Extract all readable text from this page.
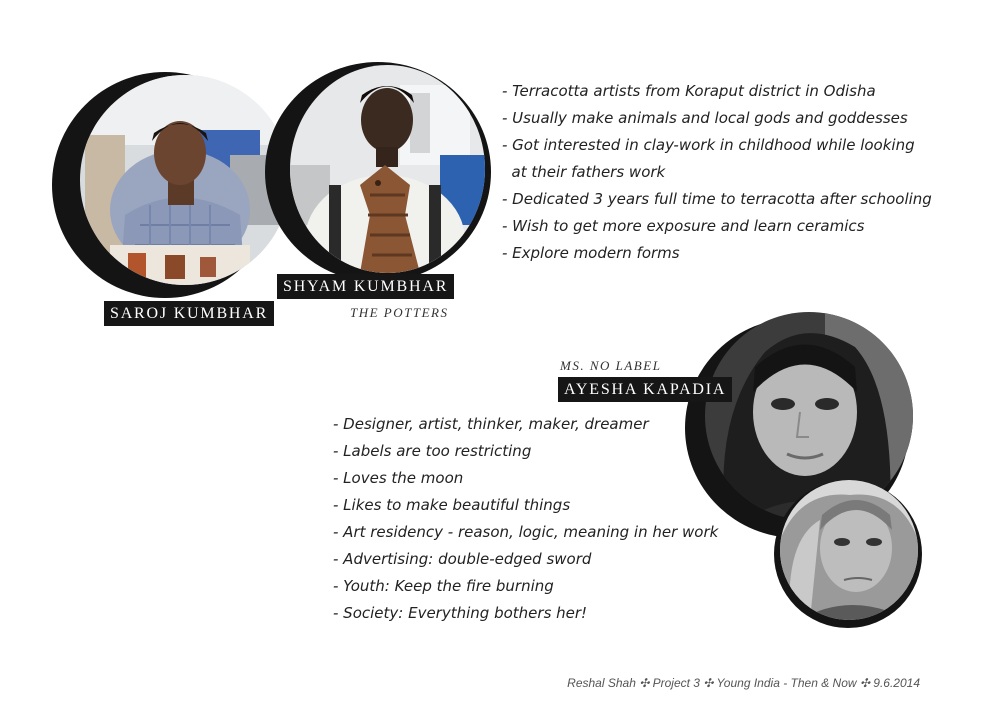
SAROJ KUMBHAR
SHYAM KUMBHAR
THE POTTERS
- Terracotta artists from Koraput district in Odisha
- Usually make animals and local gods and goddesses
- Got interested in clay-work in childhood while looking
at their fathers work
- Dedicated 3 years full time to terracotta after schooling
- Wish to get more exposure and learn ceramics
- Explore modern forms
MS. NO LABEL
AYESHA KAPADIA
- Designer, artist, thinker, maker, dreamer
- Labels are too restricting
- Loves the moon
- Likes to make beautiful things
- Art residency - reason, logic, meaning in her work
- Advertising: double-edged sword
- Youth: Keep the fire burning
- Society: Everything bothers her!
Reshal Shah ✣ Project 3 ✣ Young India - Then & Now ✣ 9.6.2014
